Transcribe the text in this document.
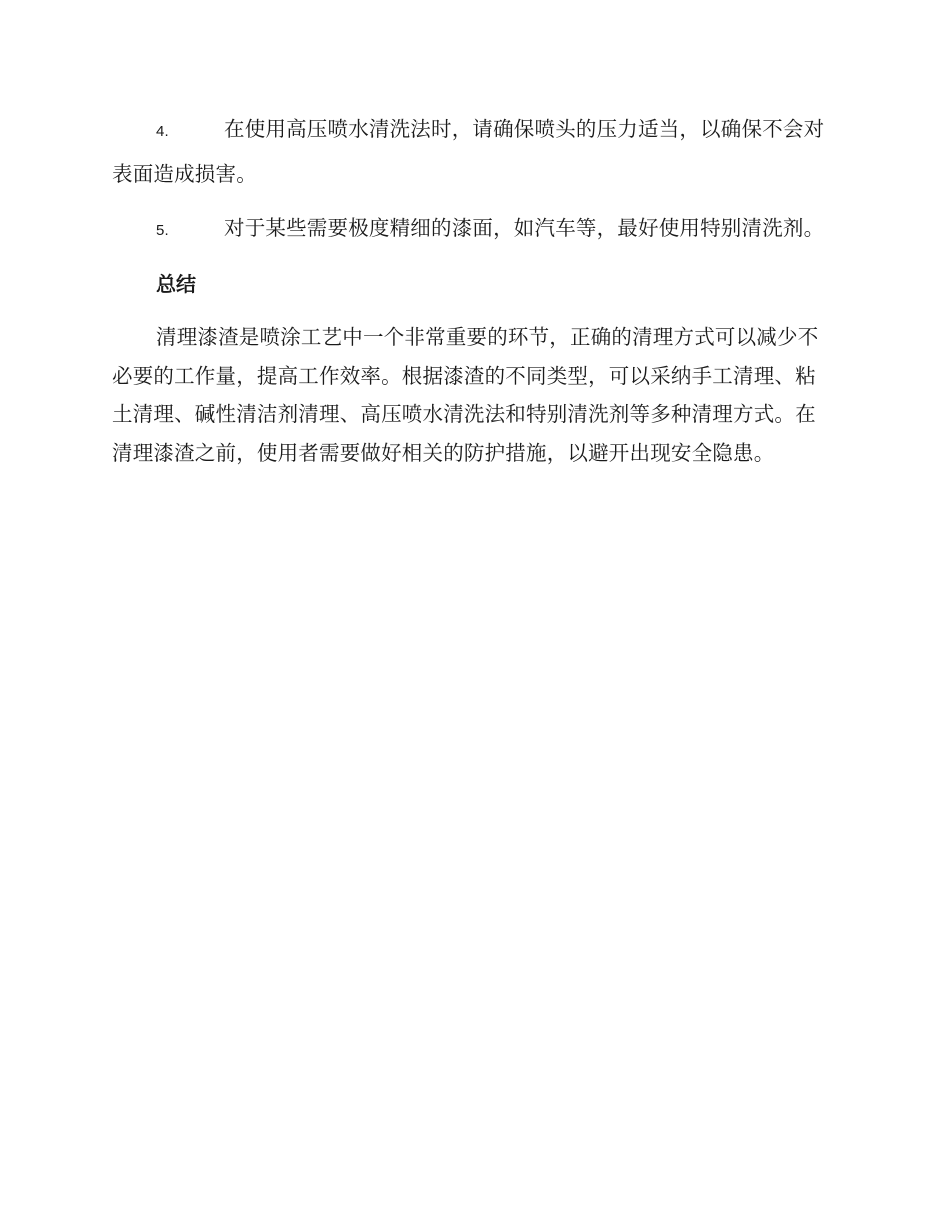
4.	在使用高压喷水清洗法时，请确保喷头的压力适当，以确保不会对表面造成损害。

5.	对于某些需要极度精细的漆面，如汽车等，最好使用特别清洗剂。

总结

清理漆渣是喷涂工艺中一个非常重要的环节，正确的清理方式可以减少不必要的工作量，提高工作效率。根据漆渣的不同类型，可以采纳手工清理、粘土清理、碱性清洁剂清理、高压喷水清洗法和特别清洗剂等多种清理方式。在清理漆渣之前，使用者需要做好相关的防护措施，以避开出现安全隐患。
